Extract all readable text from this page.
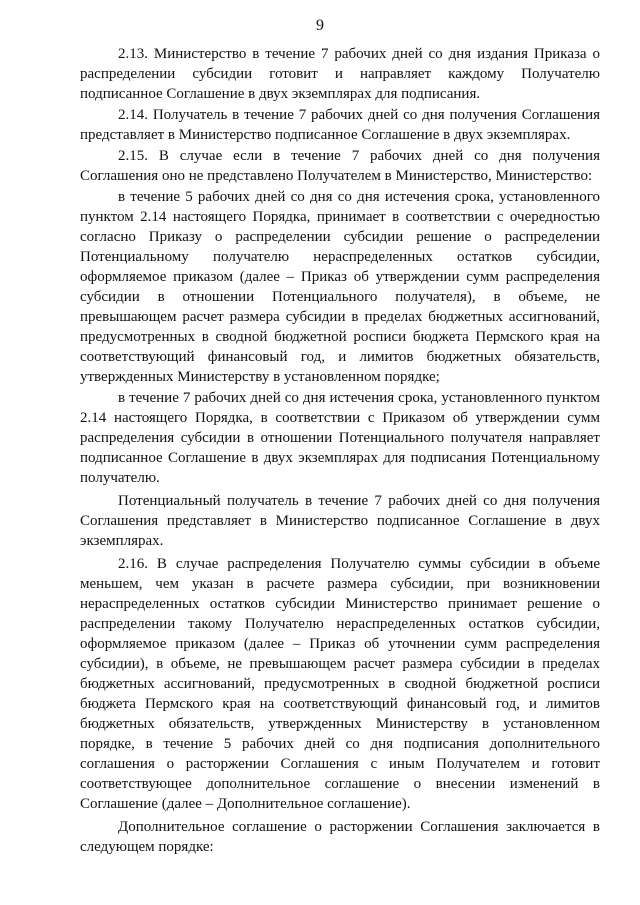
9

2.13. Министерство в течение 7 рабочих дней со дня издания Приказа о распределении субсидии готовит и направляет каждому Получателю подписанное Соглашение в двух экземплярах для подписания.

2.14. Получатель в течение 7 рабочих дней со дня получения Соглашения представляет в Министерство подписанное Соглашение в двух экземплярах.

2.15. В случае если в течение 7 рабочих дней со дня получения Соглашения оно не представлено Получателем в Министерство, Министерство:

в течение 5 рабочих дней со дня со дня истечения срока, установленного пунктом 2.14 настоящего Порядка, принимает в соответствии с очередностью согласно Приказу о распределении субсидии решение о распределении Потенциальному получателю нераспределенных остатков субсидии, оформляемое приказом (далее – Приказ об утверждении сумм распределения субсидии в отношении Потенциального получателя), в объеме, не превышающем расчет размера субсидии в пределах бюджетных ассигнований, предусмотренных в сводной бюджетной росписи бюджета Пермского края на соответствующий финансовый год, и лимитов бюджетных обязательств, утвержденных Министерству в установленном порядке;

в течение 7 рабочих дней со дня истечения срока, установленного пунктом 2.14 настоящего Порядка, в соответствии с Приказом об утверждении сумм распределения субсидии в отношении Потенциального получателя направляет подписанное Соглашение в двух экземплярах для подписания Потенциальному получателю.

Потенциальный получатель в течение 7 рабочих дней со дня получения Соглашения представляет в Министерство подписанное Соглашение в двух экземплярах.

2.16. В случае распределения Получателю суммы субсидии в объеме меньшем, чем указан в расчете размера субсидии, при возникновении нераспределенных остатков субсидии Министерство принимает решение о распределении такому Получателю нераспределенных остатков субсидии, оформляемое приказом (далее – Приказ об уточнении сумм распределения субсидии), в объеме, не превышающем расчет размера субсидии в пределах бюджетных ассигнований, предусмотренных в сводной бюджетной росписи бюджета Пермского края на соответствующий финансовый год, и лимитов бюджетных обязательств, утвержденных Министерству в установленном порядке, в течение 5 рабочих дней со дня подписания дополнительного соглашения о расторжении Соглашения с иным Получателем и готовит соответствующее дополнительное соглашение о внесении изменений в Соглашение (далее – Дополнительное соглашение).

Дополнительное соглашение о расторжении Соглашения заключается в следующем порядке:
